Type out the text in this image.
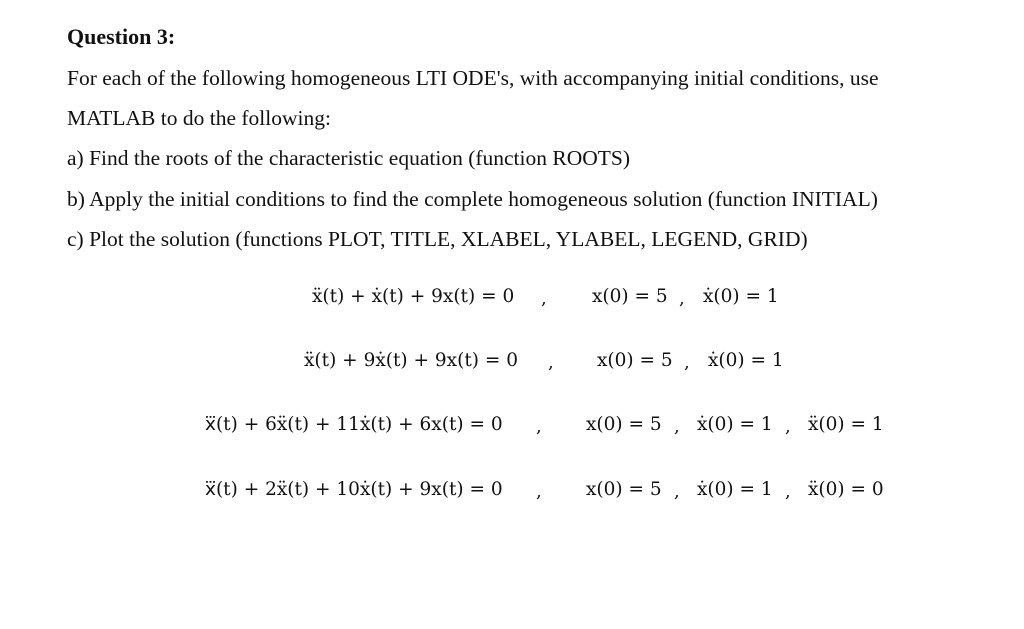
Question 3:
For each of the following homogeneous LTI ODE's, with accompanying initial conditions, use
MATLAB to do the following:
a) Find the roots of the characteristic equation (function ROOTS)
b) Apply the initial conditions to find the complete homogeneous solution (function INITIAL)
c) Plot the solution (functions PLOT, TITLE, XLABEL, YLABEL, LEGEND, GRID)
ẍ(t) + ẋ(t) + 9x(t) = 0 , x(0) = 5 , ẋ(0) = 1
ẍ(t) + 9ẋ(t) + 9x(t) = 0 , x(0) = 5 , ẋ(0) = 1
x⃛(t) + 6ẍ(t) + 11ẋ(t) + 6x(t) = 0 , x(0) = 5 , ẋ(0) = 1 , ẍ(0) = 1
x⃛(t) + 2ẍ(t) + 10ẋ(t) + 9x(t) = 0 , x(0) = 5 , ẋ(0) = 1 , ẍ(0) = 0
